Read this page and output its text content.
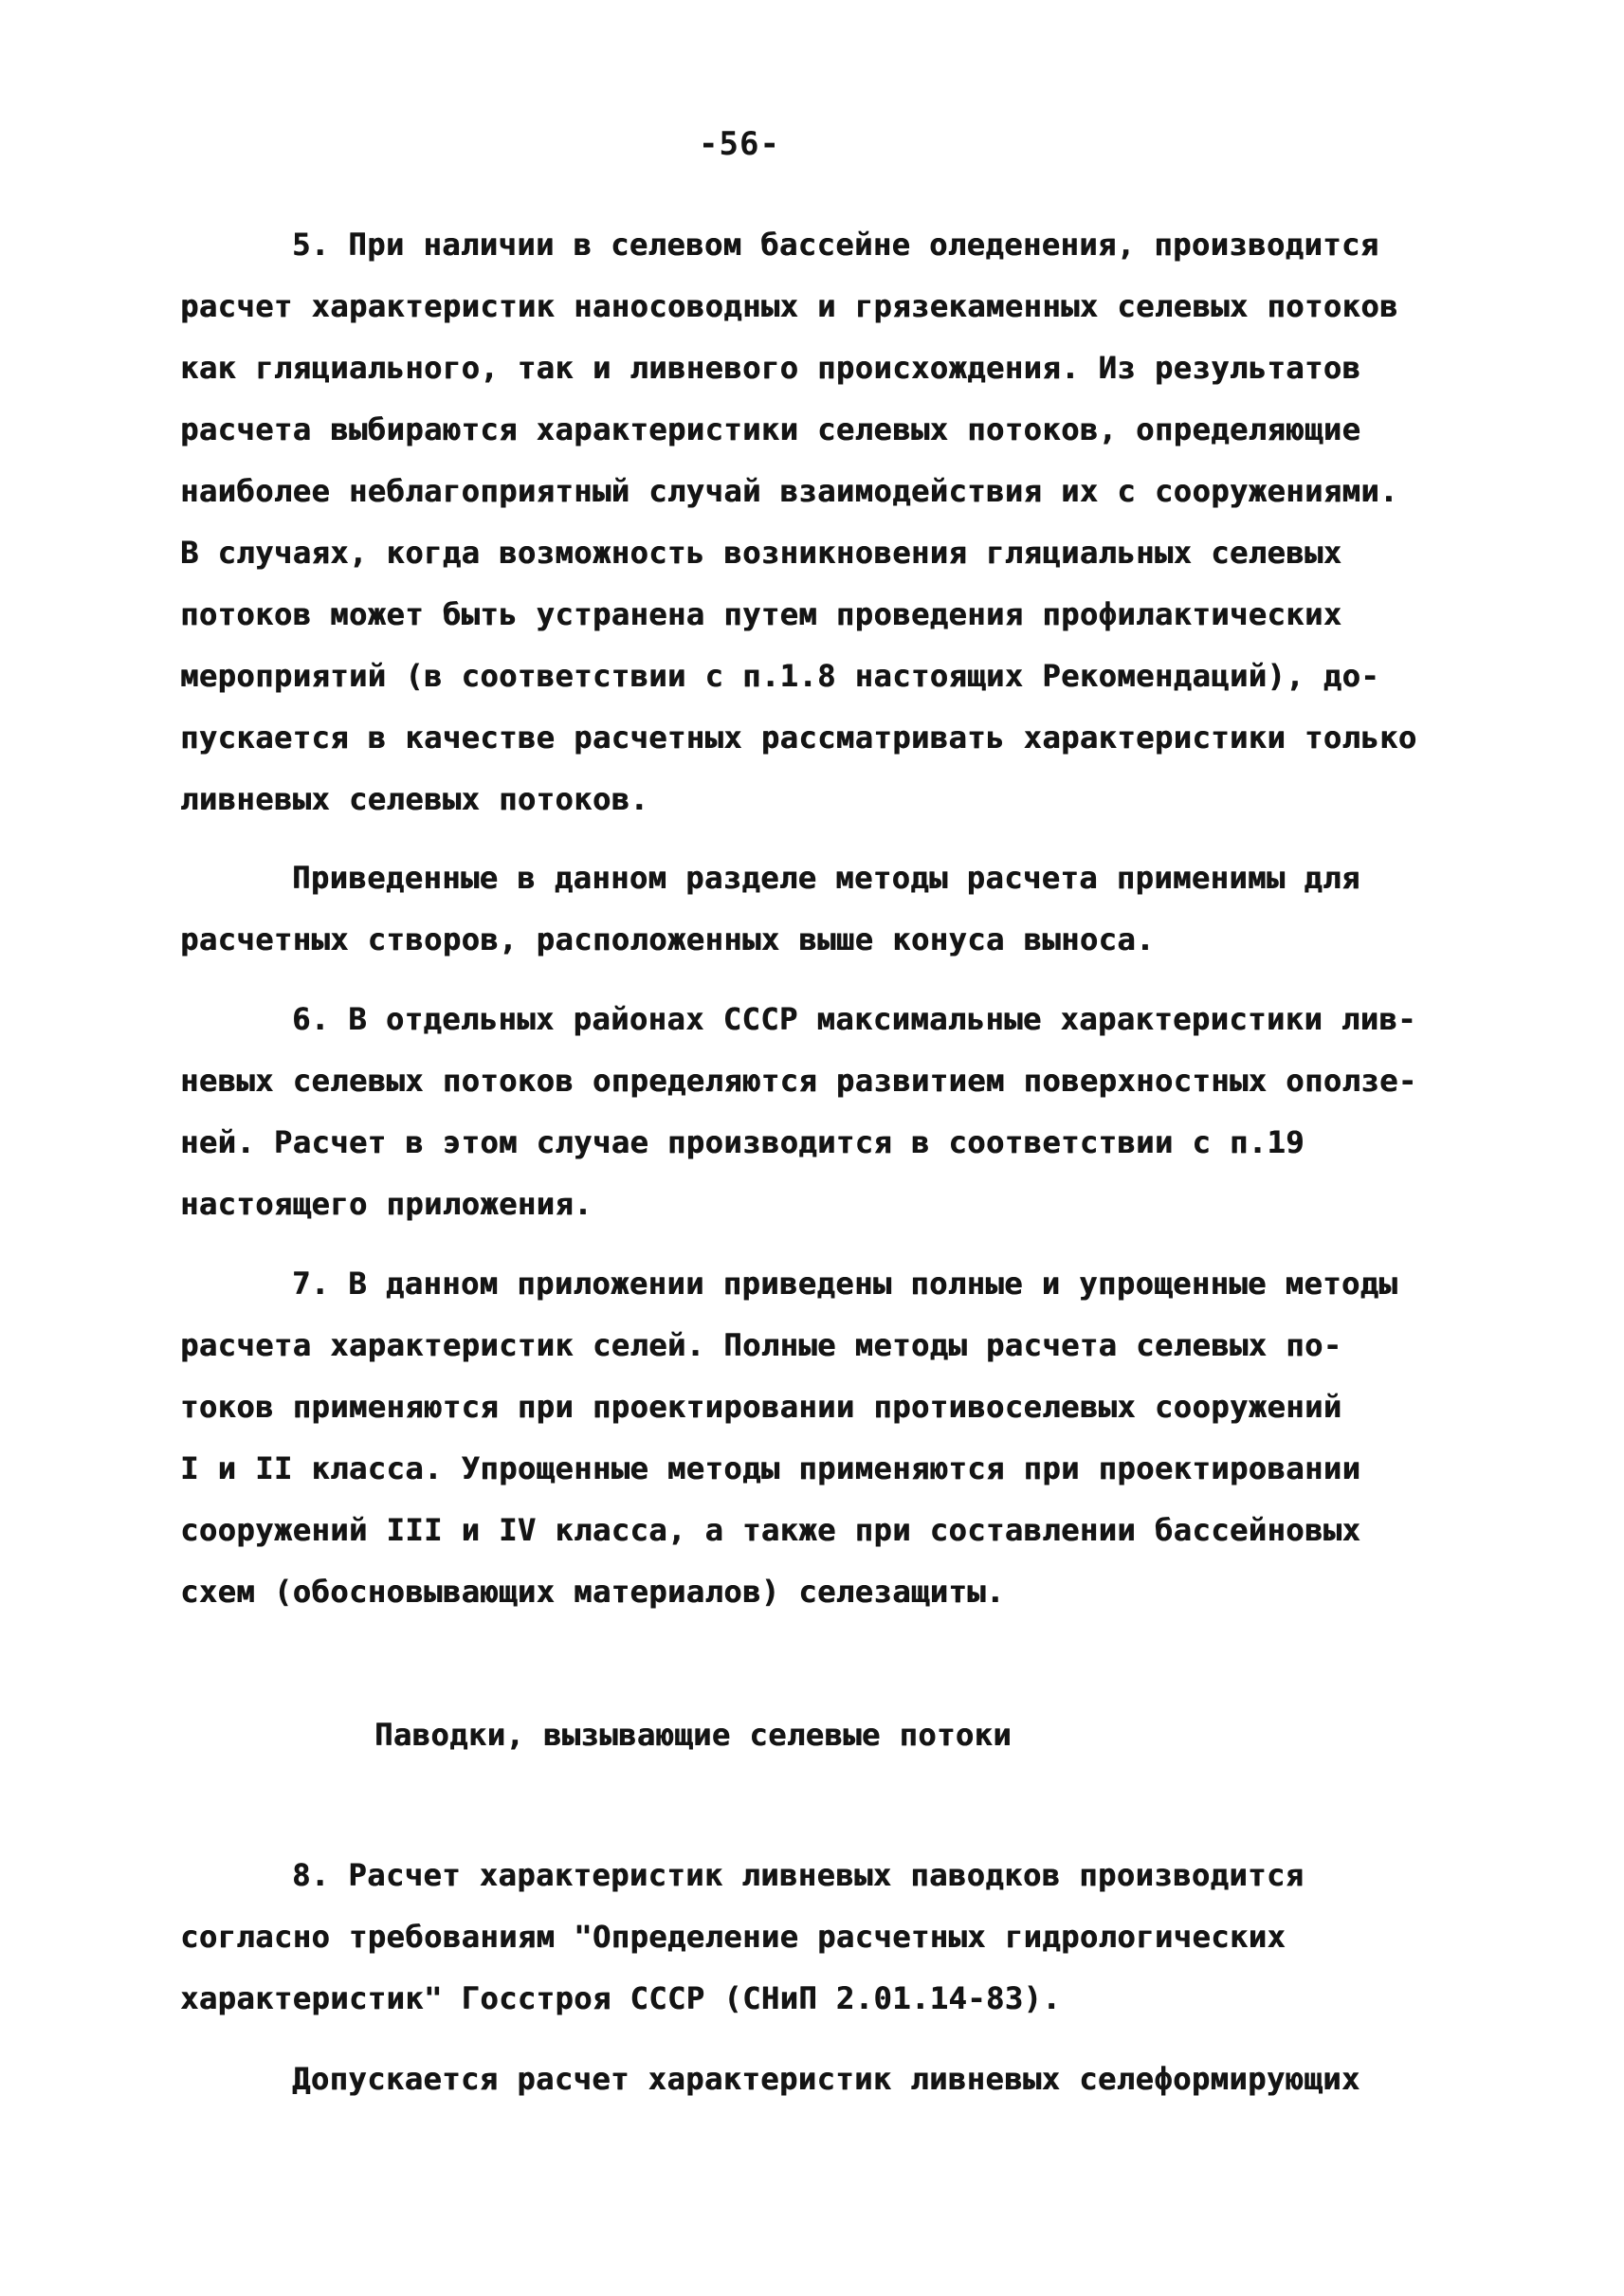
-56-
5. При наличии в селевом бассейне оледенения, производится
расчет характеристик наносоводных и грязекаменных селевых потоков
как гляциального, так и ливневого происхождения. Из результатов
расчета выбираются характеристики селевых потоков, определяющие
наиболее неблагоприятный случай взаимодействия их с сооружениями.
В случаях, когда возможность возникновения гляциальных селевых
потоков может быть устранена путем проведения профилактических
мероприятий (в соответствии с п.1.8 настоящих Рекомендаций), до-
пускается в качестве расчетных рассматривать характеристики только
ливневых селевых потоков.
Приведенные в данном разделе методы расчета применимы для
расчетных створов, расположенных выше конуса выноса.
6. В отдельных районах СССР максимальные характеристики лив-
невых селевых потоков определяются развитием поверхностных оползе-
ней. Расчет в этом случае производится в соответствии с п.19
настоящего приложения.
7. В данном приложении приведены полные и упрощенные методы
расчета характеристик селей. Полные методы расчета селевых по-
токов применяются при проектировании противоселевых сооружений
I и II класса. Упрощенные методы применяются при проектировании
сооружений III и IV класса, а также при составлении бассейновых
схем (обосновывающих материалов) селезащиты.
Паводки, вызывающие селевые потоки
8. Расчет характеристик ливневых паводков производится
согласно требованиям "Определение расчетных гидрологических
характеристик" Госстроя СССР (СНиП 2.01.14-83).
Допускается расчет характеристик ливневых селеформирующих
